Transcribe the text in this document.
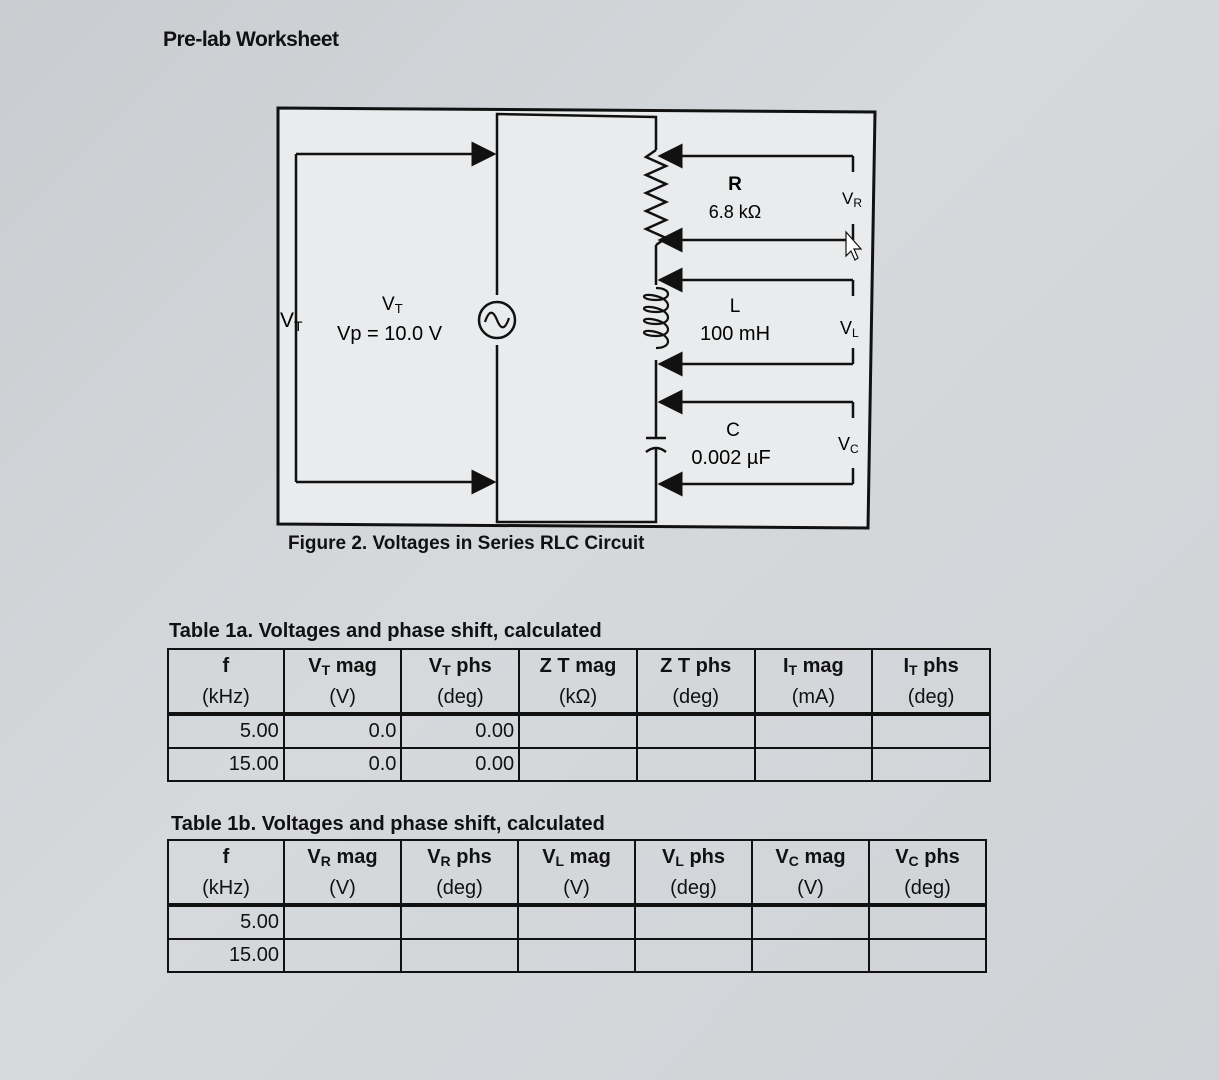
Pre-lab Worksheet
VT
VT
Vp = 10.0 V
R
6.8 kΩ
VR
L
100 mH	VL
C
0.002 µF
VC
Figure 2. Voltages in Series RLC Circuit
Table 1a. Voltages and phase shift, calculated
f	$V_T$ mag	$V_T$ phs	Z T mag	Z T phs	$I_T$ mag	$I_T$ phs
(kHz)	(V)	(deg)	(kΩ)	(deg)	(mA)	(deg)
5.00	0.0	0.00				
15.00	0.0	0.00				
Table 1b. Voltages and phase shift, calculated
f	$V_R$ mag	$V_R$ phs	$V_L$ mag	$V_L$ phs	$V_C$ mag	$V_C$ phs
(kHz)	(V)	(deg)	(V)	(deg)	(V)	(deg)
5.00						
15.00						
